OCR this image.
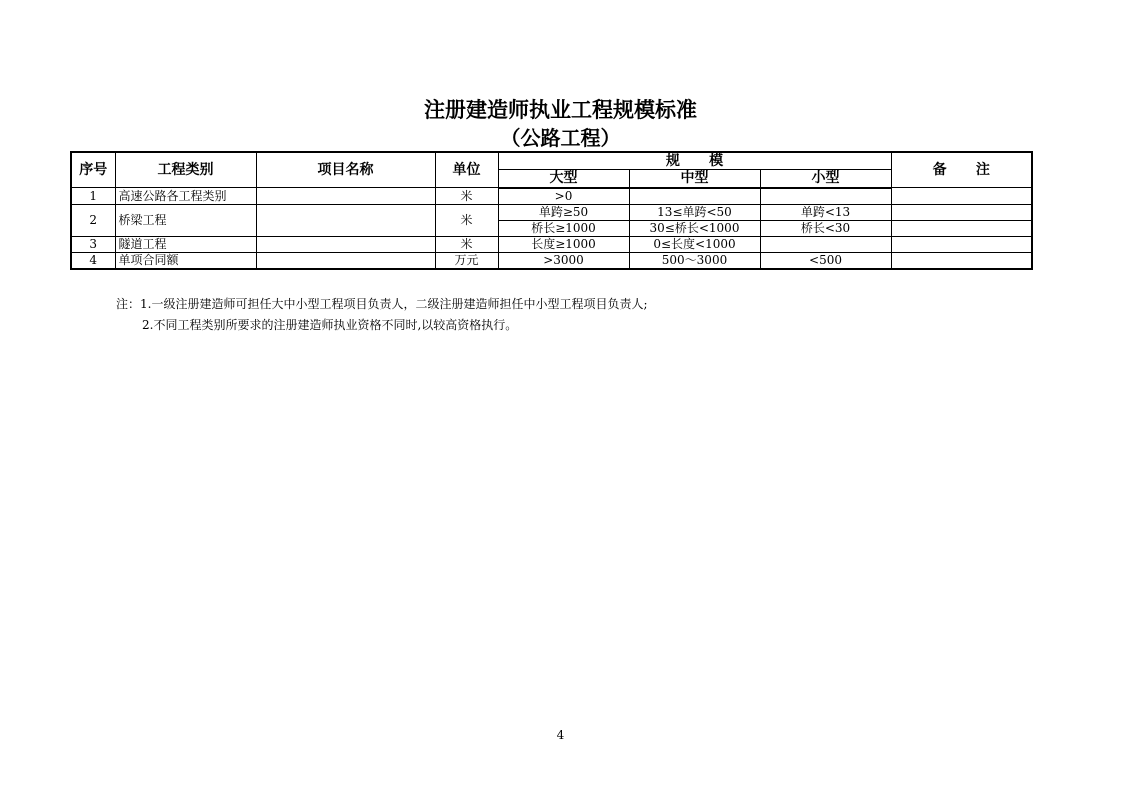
注册建造师执业工程规模标准
（公路工程）
序号	工程类别	项目名称	单位	规      模			备      注
				大型	中型	小型	
1	高速公路各工程类别		米	>0			
2	桥梁工程		米	单跨≥50	13≤单跨<50	单跨<13	
				桥长≥1000	30≤桥长<1000	桥长<30	
3	隧道工程		米	长度≥1000	0≤长度<1000		
4	单项合同额		万元	>3000	500～3000	<500	
注：1.一级注册建造师可担任大中小型工程项目负责人，二级注册建造师担任中小型工程项目负责人;
2.不同工程类别所要求的注册建造师执业资格不同时,以较高资格执行。
4
